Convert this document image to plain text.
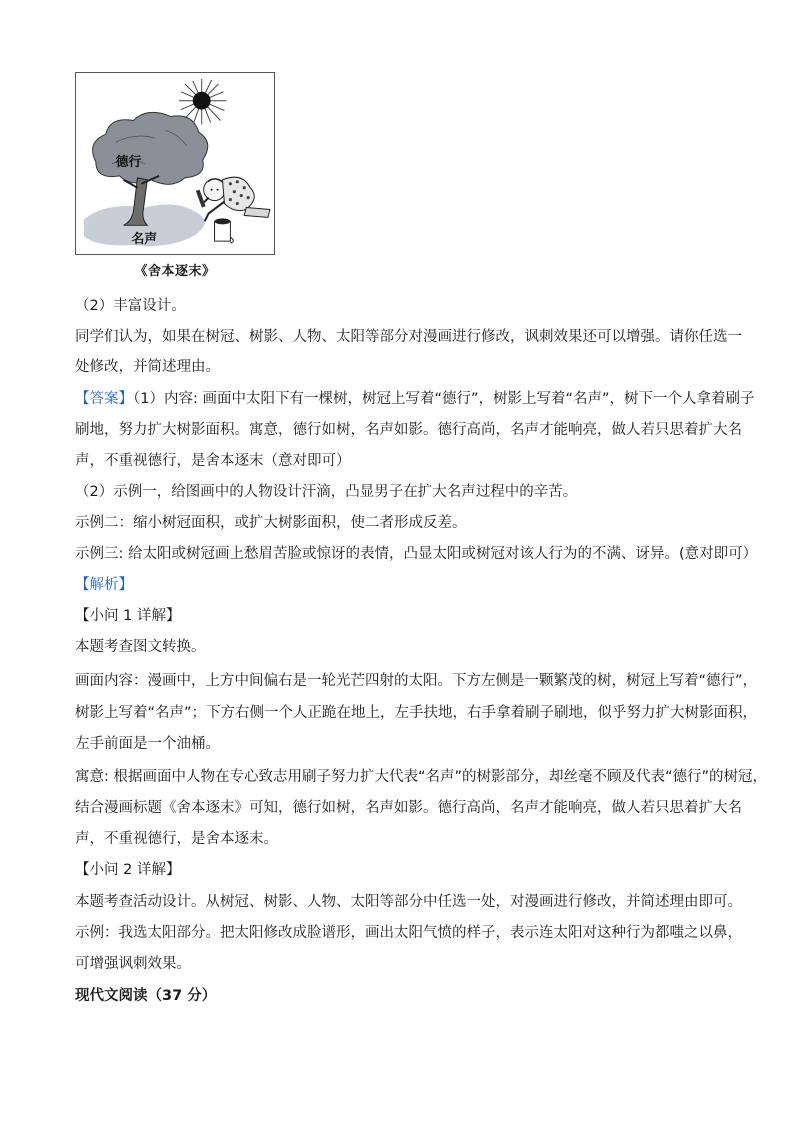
德行
名声
《舍本逐末》
（2）丰富设计。
同学们认为，如果在树冠、树影、人物、太阳等部分对漫画进行修改，讽刺效果还可以增强。请你任选一
处修改，并简述理由。
【答案】（1）内容: 画面中太阳下有一棵树，树冠上写着“德行”，树影上写着“名声”，树下一个人拿着刷子
刷地，努力扩大树影面积。寓意，德行如树，名声如影。德行高尚，名声才能响亮，做人若只思着扩大名
声，不重视德行，是舍本逐末（意对即可）
（2）示例一，给图画中的人物设计汗滴，凸显男子在扩大名声过程中的辛苦。
示例二：缩小树冠面积，或扩大树影面积，使二者形成反差。
示例三: 给太阳或树冠画上愁眉苦脸或惊讶的表情，凸显太阳或树冠对该人行为的不满、讶异。(意对即可）
【解析】
【小问 1 详解】
本题考查图文转换。
画面内容：漫画中，上方中间偏右是一轮光芒四射的太阳。下方左侧是一颗繁茂的树，树冠上写着“德行”，
树影上写着“名声”；下方右侧一个人正跪在地上，左手扶地，右手拿着刷子刷地，似乎努力扩大树影面积，
左手前面是一个油桶。
寓意: 根据画面中人物在专心致志用刷子努力扩大代表“名声”的树影部分，却丝毫不顾及代表“德行”的树冠，
结合漫画标题《舍本逐末》可知，德行如树，名声如影。德行高尚，名声才能响亮，做人若只思着扩大名
声，不重视德行，是舍本逐末。
【小问 2 详解】
本题考查活动设计。从树冠、树影、人物、太阳等部分中任选一处，对漫画进行修改，并简述理由即可。
示例：我选太阳部分。把太阳修改成脸谱形，画出太阳气愤的样子，表示连太阳对这种行为都嗤之以鼻，
可增强讽刺效果。
现代文阅读（37 分）
